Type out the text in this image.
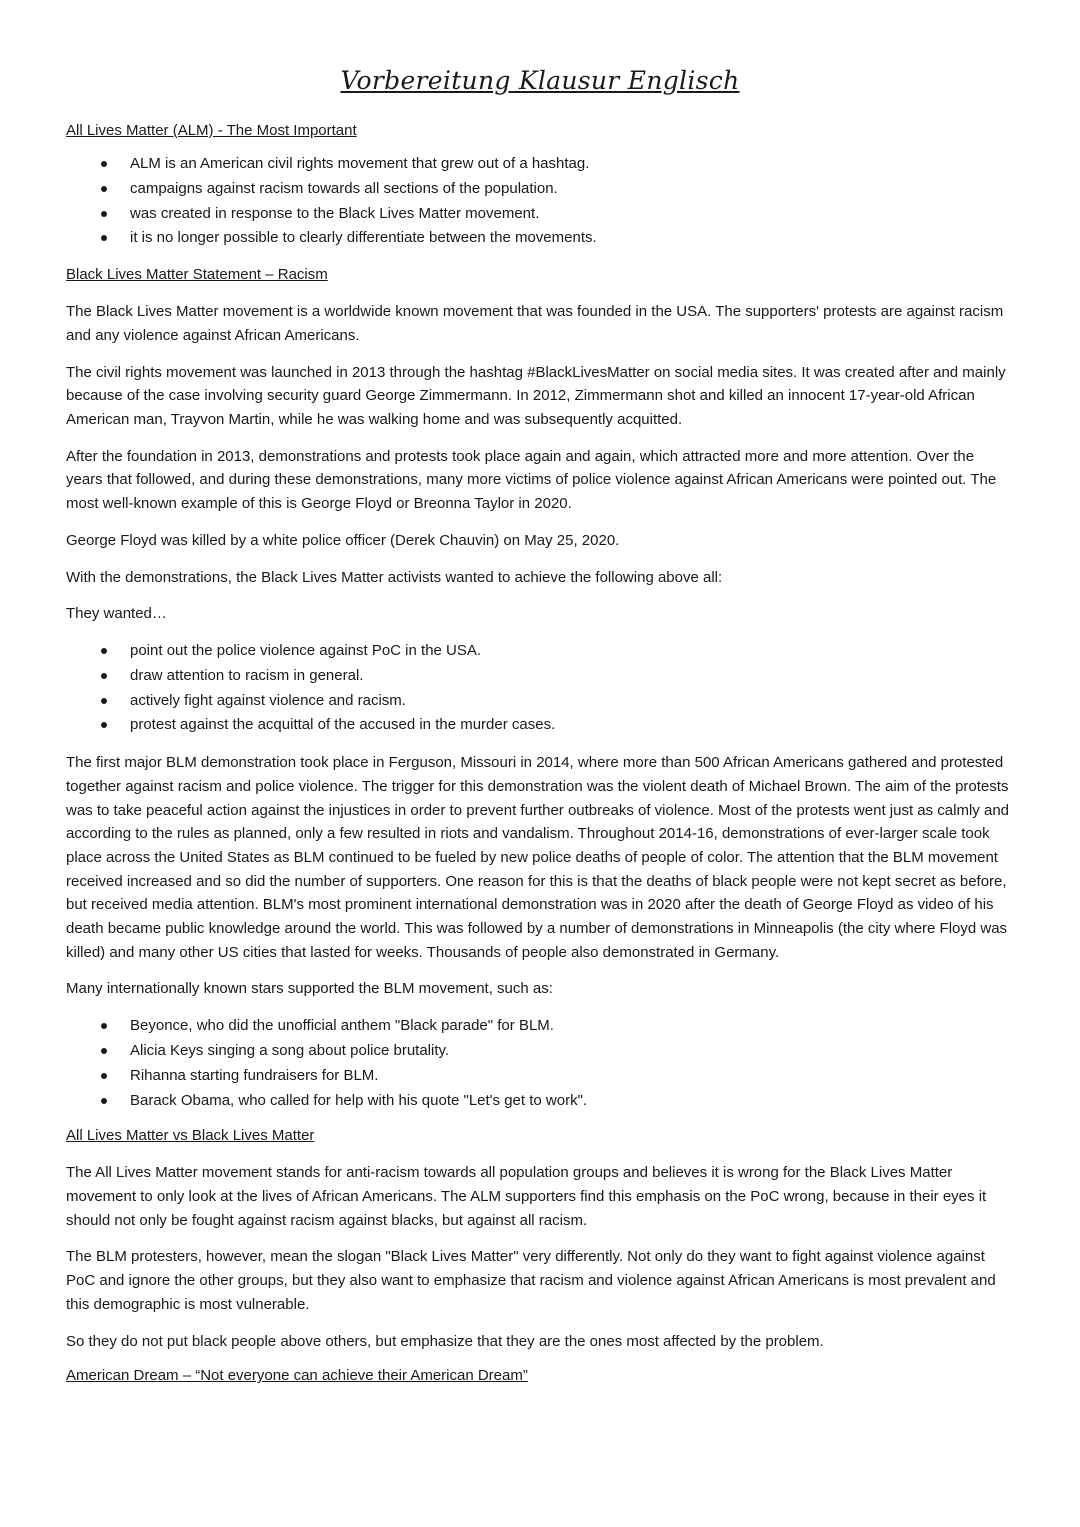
Vorbereitung Klausur Englisch
All Lives Matter (ALM) - The Most Important
ALM is an American civil rights movement that grew out of a hashtag.
campaigns against racism towards all sections of the population.
was created in response to the Black Lives Matter movement.
it is no longer possible to clearly differentiate between the movements.
Black Lives Matter Statement – Racism

The Black Lives Matter movement is a worldwide known movement that was founded in the USA. The supporters' protests are against racism and any violence against African Americans.

The civil rights movement was launched in 2013 through the hashtag #BlackLivesMatter on social media sites. It was created after and mainly because of the case involving security guard George Zimmermann. In 2012, Zimmermann shot and killed an innocent 17-year-old African American man, Trayvon Martin, while he was walking home and was subsequently acquitted.

After the foundation in 2013, demonstrations and protests took place again and again, which attracted more and more attention. Over the years that followed, and during these demonstrations, many more victims of police violence against African Americans were pointed out. The most well-known example of this is George Floyd or Breonna Taylor in 2020.

George Floyd was killed by a white police officer (Derek Chauvin) on May 25, 2020.

With the demonstrations, the Black Lives Matter activists wanted to achieve the following above all:

They wanted…

point out the police violence against PoC in the USA.
draw attention to racism in general.
actively fight against violence and racism.
protest against the acquittal of the accused in the murder cases.

The first major BLM demonstration took place in Ferguson, Missouri in 2014, where more than 500 African Americans gathered and protested together against racism and police violence. The trigger for this demonstration was the violent death of Michael Brown. The aim of the protests was to take peaceful action against the injustices in order to prevent further outbreaks of violence. Most of the protests went just as calmly and according to the rules as planned, only a few resulted in riots and vandalism. Throughout 2014-16, demonstrations of ever-larger scale took place across the United States as BLM continued to be fueled by new police deaths of people of color. The attention that the BLM movement received increased and so did the number of supporters. One reason for this is that the deaths of black people were not kept secret as before, but received media attention. BLM's most prominent international demonstration was in 2020 after the death of George Floyd as video of his death became public knowledge around the world. This was followed by a number of demonstrations in Minneapolis (the city where Floyd was killed) and many other US cities that lasted for weeks. Thousands of people also demonstrated in Germany.

Many internationally known stars supported the BLM movement, such as:

Beyonce, who did the unofficial anthem "Black parade" for BLM.
Alicia Keys singing a song about police brutality.
Rihanna starting fundraisers for BLM.
Barack Obama, who called for help with his quote "Let's get to work".
All Lives Matter vs Black Lives Matter

The All Lives Matter movement stands for anti-racism towards all population groups and believes it is wrong for the Black Lives Matter movement to only look at the lives of African Americans. The ALM supporters find this emphasis on the PoC wrong, because in their eyes it should not only be fought against racism against blacks, but against all racism.

The BLM protesters, however, mean the slogan "Black Lives Matter" very differently. Not only do they want to fight against violence against PoC and ignore the other groups, but they also want to emphasize that racism and violence against African Americans is most prevalent and this demographic is most vulnerable.

So they do not put black people above others, but emphasize that they are the ones most affected by the problem.

American Dream – “Not everyone can achieve their American Dream”
